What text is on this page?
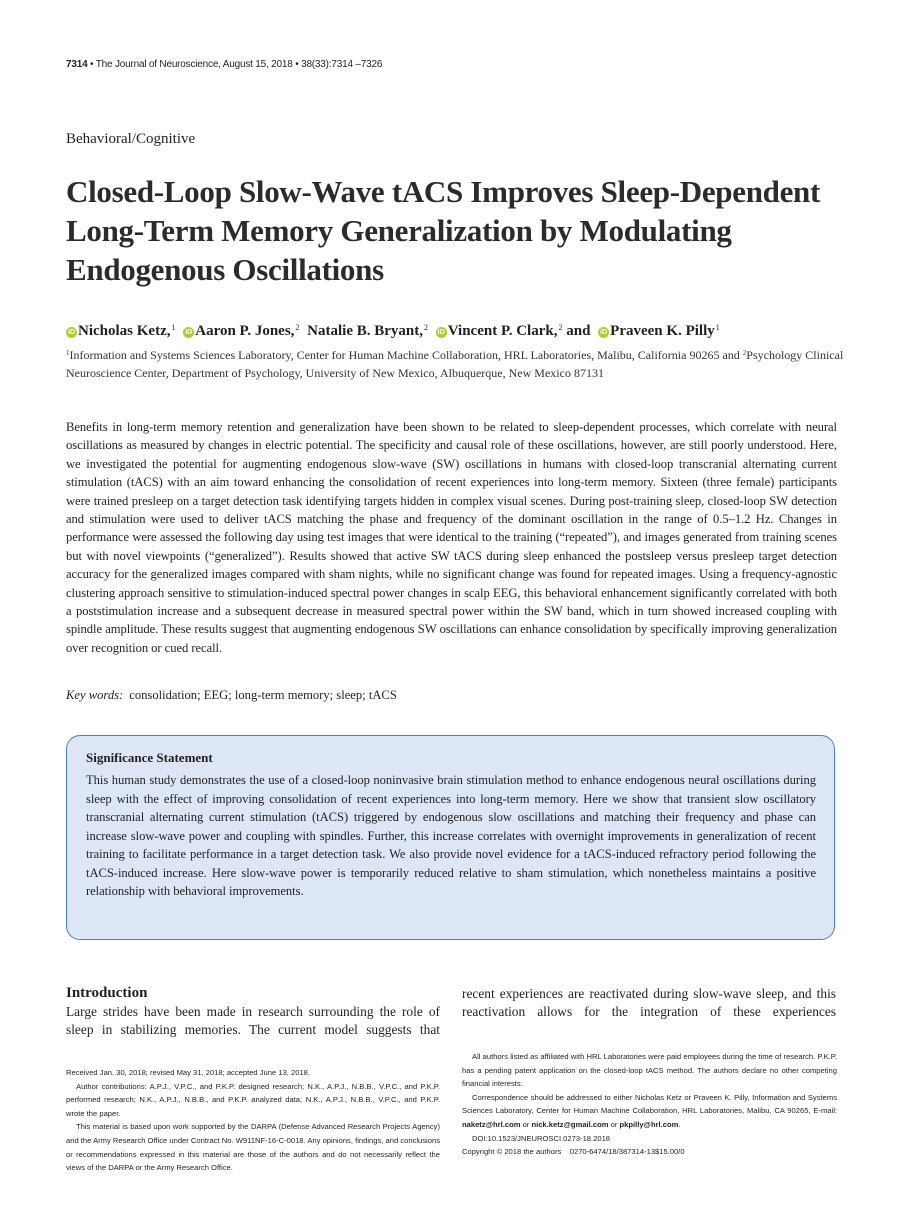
7314 • The Journal of Neuroscience, August 15, 2018 • 38(33):7314 –7326
Behavioral/Cognitive
Closed-Loop Slow-Wave tACS Improves Sleep-Dependent Long-Term Memory Generalization by Modulating Endogenous Oscillations
iD Nicholas Ketz,$^1$ iD Aaron P. Jones,$^2$ Natalie B. Bryant,$^2$ iD Vincent P. Clark,$^2$ and iD Praveen K. Pilly$^1$
$^1$Information and Systems Sciences Laboratory, Center for Human Machine Collaboration, HRL Laboratories, Malibu, California 90265 and $^2$Psychology Clinical Neuroscience Center, Department of Psychology, University of New Mexico, Albuquerque, New Mexico 87131

Benefits in long-term memory retention and generalization have been shown to be related to sleep-dependent processes, which correlate with neural oscillations as measured by changes in electric potential. The specificity and causal role of these oscillations, however, are still poorly understood. Here, we investigated the potential for augmenting endogenous slow-wave (SW) oscillations in humans with closed-loop transcranial alternating current stimulation (tACS) with an aim toward enhancing the consolidation of recent experiences into long-term memory. Sixteen (three female) participants were trained presleep on a target detection task identifying targets hidden in complex visual scenes. During post-training sleep, closed-loop SW detection and stimulation were used to deliver tACS matching the phase and frequency of the dominant oscillation in the range of 0.5–1.2 Hz. Changes in performance were assessed the following day using test images that were identical to the training (“repeated”), and images generated from training scenes but with novel viewpoints (“generalized”). Results showed that active SW tACS during sleep enhanced the postsleep versus presleep target detection accuracy for the generalized images compared with sham nights, while no significant change was found for repeated images. Using a frequency-agnostic clustering approach sensitive to stimulation-induced spectral power changes in scalp EEG, this behavioral enhancement significantly correlated with both a poststimulation increase and a subsequent decrease in measured spectral power within the SW band, which in turn showed increased coupling with spindle amplitude. These results suggest that augmenting endogenous SW oscillations can enhance consolidation by specifically improving generalization over recognition or cued recall.

Key words: consolidation; EEG; long-term memory; sleep; tACS
Significance Statement

This human study demonstrates the use of a closed-loop noninvasive brain stimulation method to enhance endogenous neural oscillations during sleep with the effect of improving consolidation of recent experiences into long-term memory. Here we show that transient slow oscillatory transcranial alternating current stimulation (tACS) triggered by endogenous slow oscillations and matching their frequency and phase can increase slow-wave power and coupling with spindles. Further, this increase correlates with overnight improvements in generalization of recent training to facilitate performance in a target detection task. We also provide novel evidence for a tACS-induced refractory period following the tACS-induced increase. Here slow-wave power is temporarily reduced relative to sham stimulation, which nonetheless maintains a positive relationship with behavioral improvements.

Introduction

Large strides have been made in research surrounding the role of sleep in stabilizing memories. The current model suggests that

recent experiences are reactivated during slow-wave sleep, and this reactivation allows for the integration of these experiences

Received Jan. 30, 2018; revised May 31, 2018; accepted June 13, 2018.

Author contributions: A.P.J., V.P.C., and P.K.P. designed research; N.K., A.P.J., N.B.B., V.P.C., and P.K.P. performed research; N.K., A.P.J., N.B.B., and P.K.P. analyzed data; N.K., A.P.J., N.B.B., V.P.C., and P.K.P. wrote the paper.

This material is based upon work supported by the DARPA (Defense Advanced Research Projects Agency) and the Army Research Office under Contract No. W911NF-16-C-0018. Any opinions, findings, and conclusions or recommendations expressed in this material are those of the authors and do not necessarily reflect the views of the DARPA or the Army Research Office.

All authors listed as affiliated with HRL Laboratories were paid employees during the time of research. P.K.P. has a pending patent application on the closed-loop tACS method. The authors declare no other competing financial interests.

Correspondence should be addressed to either Nicholas Ketz or Praveen K. Pilly, Information and Systems Sciences Laboratory, Center for Human Machine Collaboration, HRL Laboratories, Malibu, CA 90265, E-mail: naketz@hrl.com or nick.ketz@gmail.com or pkpilly@hrl.com.

DOI:10.1523/JNEUROSCI.0273-18.2018

Copyright © 2018 the authors    0270-6474/18/387314-13$15.00/0
